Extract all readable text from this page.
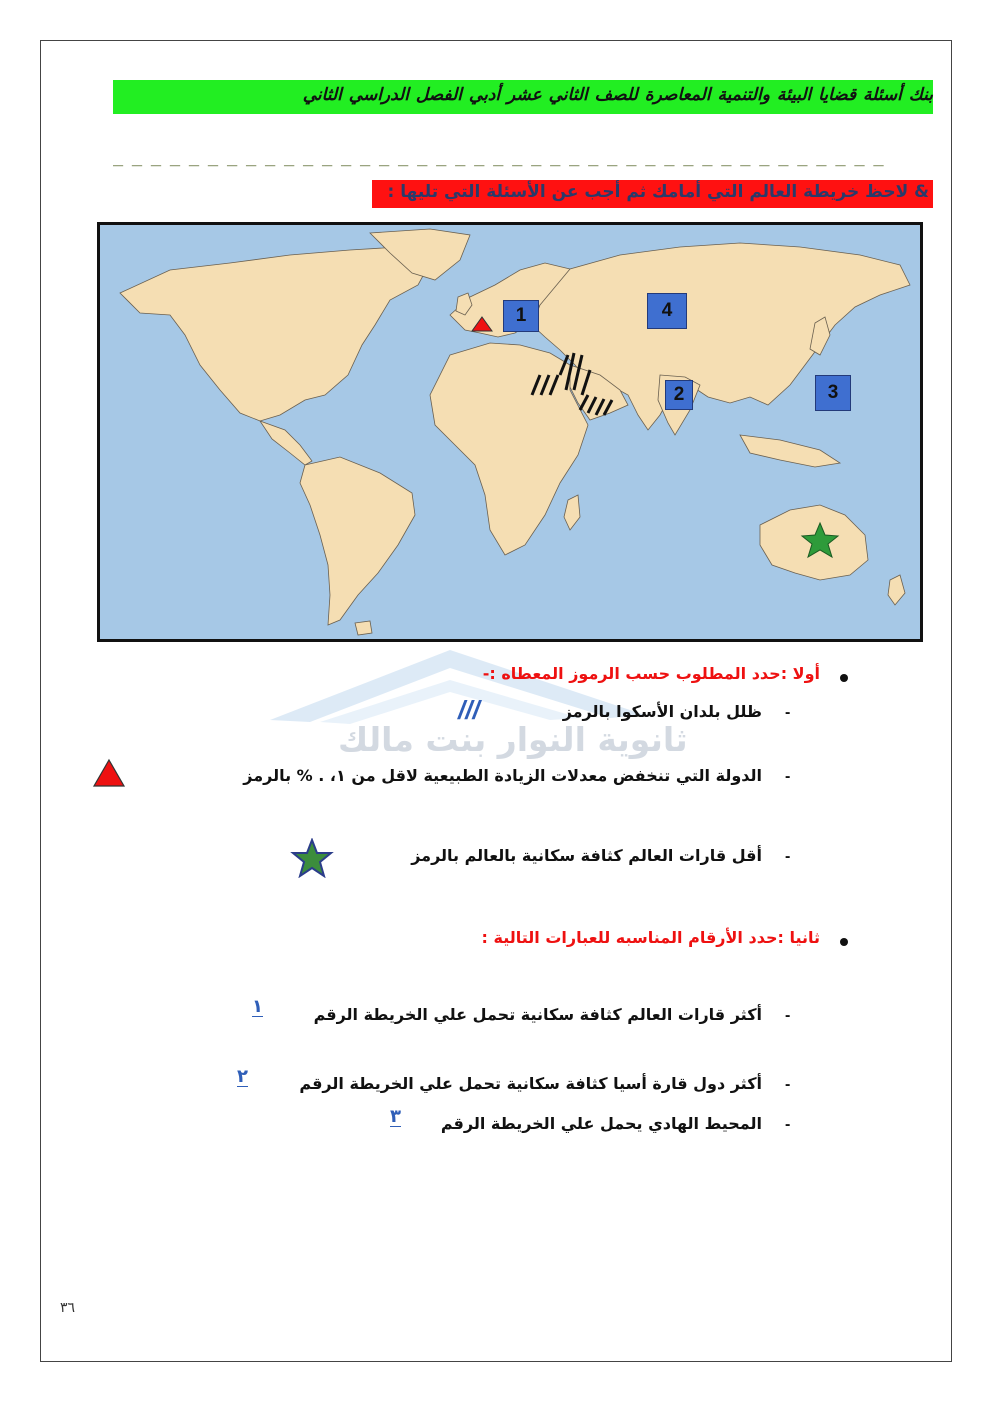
بنك أسئلة قضايا البيئة والتنمية المعاصرة للصف الثاني عشر أدبي الفصل الدراسي الثاني
_ _ _ _ _ _ _ _ _ _ _ _ _ _ _ _ _ _ _ _ _ _ _ _ _ _ _ _ _ _ _ _ _ _ _ _ _ _ _ _ _
& لاحظ خريطة العالم التي أمامك ثم أجب عن الأسئلة التي تليها :
1	4
2	3
ثانوية النوار بنت مالك
أولا :حدد المطلوب حسب الرموز المعطاه :-
-
ظلل بلدان الأسكوا بالرمز
///
-
الدولة التي تنخفض معدلات الزيادة الطبيعية لاقل من ١، . % بالرمز
-
أقل قارات العالم كثافة سكانية بالعالم بالرمز
ثانيا :حدد الأرقام المناسبه للعبارات التالية :
-
أكثر قارات العالم كثافة سكانية تحمل علي الخريطة الرقم
١
-
أكثر دول قارة أسيا كثافة سكانية تحمل علي الخريطة الرقم
٢
-
المحيط الهادي يحمل علي الخريطة الرقم
٣
٣٦
